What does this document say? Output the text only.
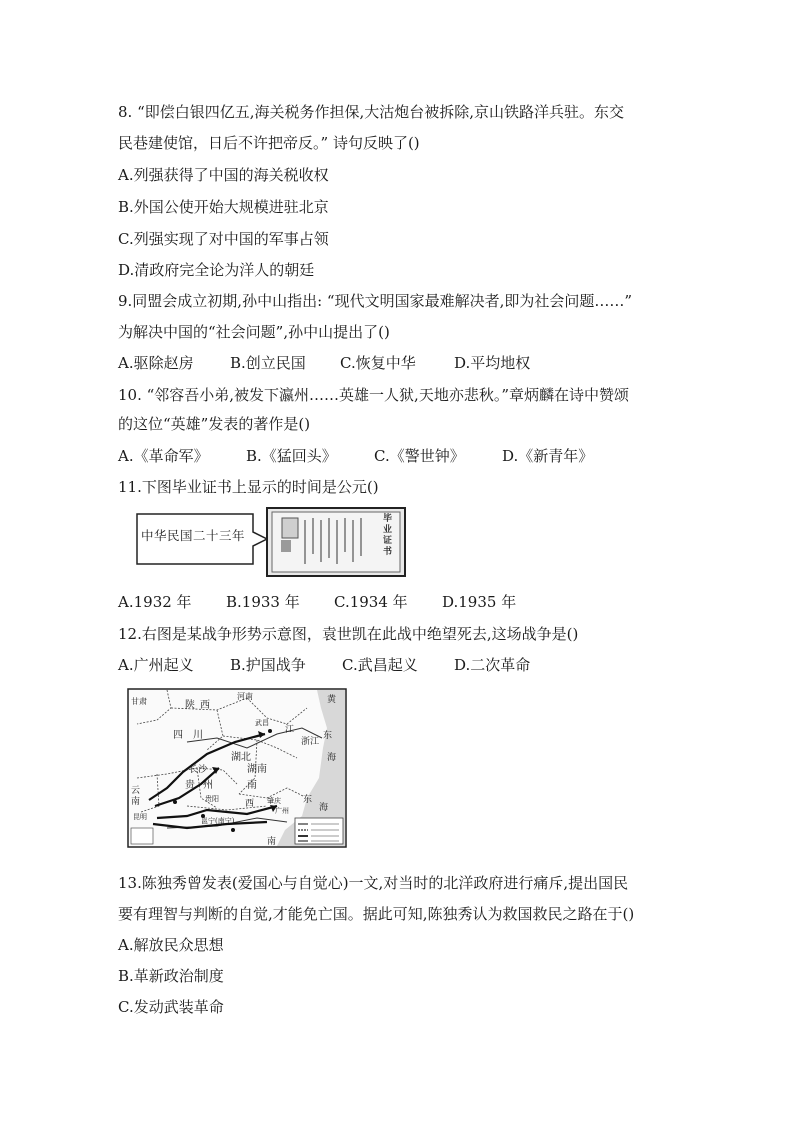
8. “即偿白银四亿五,海关税务作担保,大沽炮台被拆除,京山铁路洋兵驻。东交
民巷建使馆，日后不许把帝反。” 诗句反映了()
A.列强获得了中国的海关税收权
B.外国公使开始大规模进驻北京
C.列强实现了对中国的军事占领
D.清政府完全论为洋人的朝廷
9.同盟会成立初期,孙中山指出: “现代文明国家最难解决者,即为社会问题……”
为解决中国的“社会问题”,孙中山提出了()
A.驱除赵房 B.创立民国 C.恢复中华	D.平均地权
10. “邻容吾小弟,被发下瀛州……英雄一人狱,天地亦悲秋。”章炳麟在诗中赞颂
的这位“英雄”发表的著作是()
A.《革命军》 B.《猛回头》 C.《警世钟》 D.《新青年》
11.下图毕业证书上显示的时间是公元()
中华民国二十三年
毕业证书
A.1932 年 B.1933 年 C.1934 年 D.1935 年
12.右图是某战争形势示意图，袁世凯在此战中绝望死去,这场战争是()
A.广州起义 B.护国战争 C.武昌起义 D.二次革命
甘肃	陕西
河南	黄
四川
武昌
江
浙江
东
海
湖北
湖南
南
长沙
贵州
贵阳
云南
昆明
西
邕宁(南宁)
肇庆
广州
东
南
海
13.陈独秀曾发表(爱国心与自觉心)一文,对当时的北洋政府进行痛斥,提出国民
要有理智与判断的自觉,才能免亡国。据此可知,陈独秀认为救国救民之路在于()
A.解放民众思想
B.革新政治制度
C.发动武装革命
